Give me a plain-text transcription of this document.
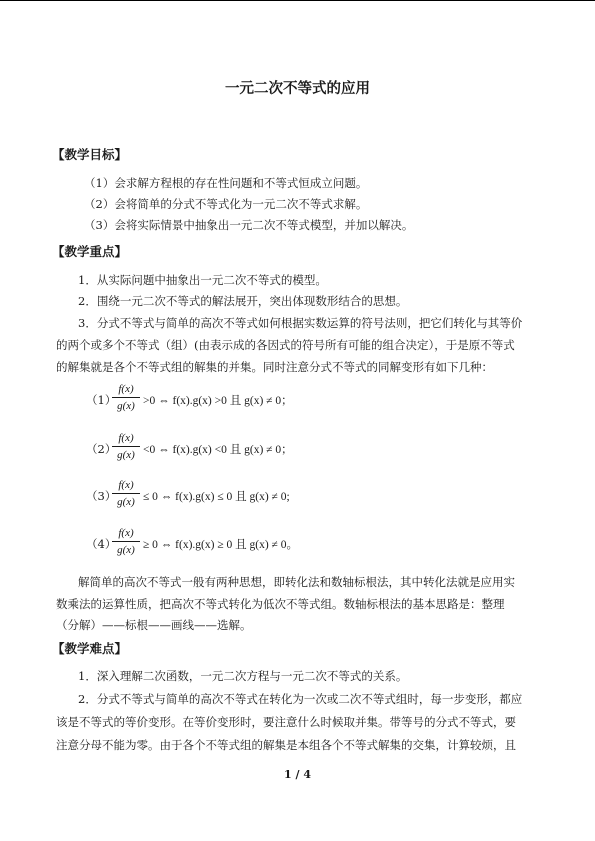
一元二次不等式的应用
【教学目标】
（1）会求解方程根的存在性问题和不等式恒成立问题。
（2）会将简单的分式不等式化为一元二次不等式求解。
（3）会将实际情景中抽象出一元二次不等式模型，并加以解决。
【教学重点】
1．从实际问题中抽象出一元二次不等式的模型。
2．围绕一元二次不等式的解法展开，突出体现数形结合的思想。
3．分式不等式与简单的高次不等式如何根据实数运算的符号法则，把它们转化与其等价
的两个或多个不等式（组）(由表示成的各因式的符号所有可能的组合决定），于是原不等式
的解集就是各个不等式组的解集的并集。同时注意分式不等式的同解变形有如下几种：
（1）
f(x)
g(x) >0 ⇔ f(x).g(x) >0 且 g(x) ≠ 0；
（2）
f(x)
g(x) <0 ⇔ f(x).g(x) <0 且 g(x) ≠ 0；
（3）
f(x)
g(x) ≤ 0 ⇔ f(x).g(x) ≤ 0 且 g(x) ≠ 0;
（4）
f(x)
g(x) ≥ 0 ⇔ f(x).g(x) ≥ 0 且 g(x) ≠ 0。
解简单的高次不等式一般有两种思想，即转化法和数轴标根法，其中转化法就是应用实
数乘法的运算性质，把高次不等式转化为低次不等式组。数轴标根法的基本思路是：整理
（分解）——标根——画线——选解。
【教学难点】
1．深入理解二次函数，一元二次方程与一元二次不等式的关系。
2．分式不等式与简单的高次不等式在转化为一次或二次不等式组时，每一步变形，都应
该是不等式的等价变形。在等价变形时，要注意什么时候取并集。带等号的分式不等式，要
注意分母不能为零。由于各个不等式组的解集是本组各个不等式解集的交集，计算较烦，且
1 / 4
